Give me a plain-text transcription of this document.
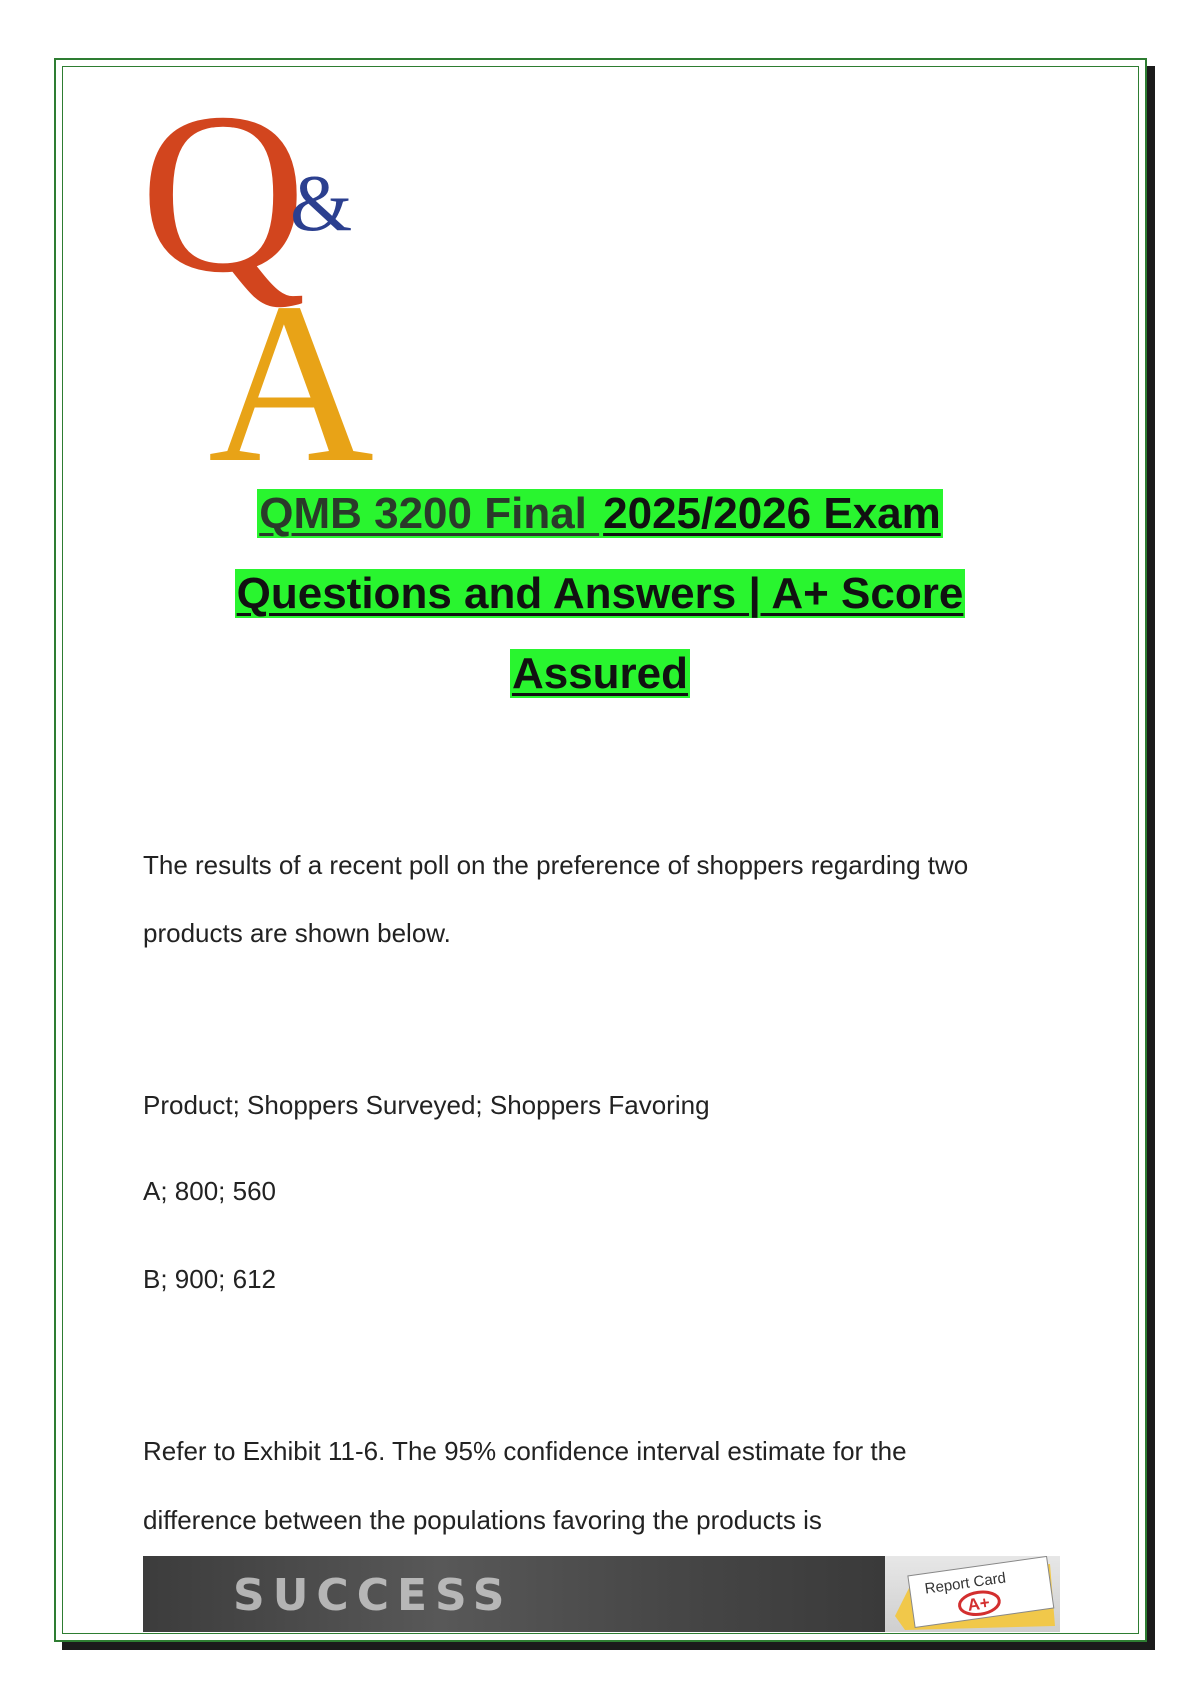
Q
&
A
QMB 3200 Final 2025/2026 Exam
Questions and Answers | A+ Score
Assured

The results of a recent poll on the preference of shoppers regarding two

products are shown below.

Product; Shoppers Surveyed; Shoppers Favoring

A; 800; 560

B; 900; 612

Refer to Exhibit 11-6. The 95% confidence interval estimate for the

difference between the populations favoring the products is

SUCCESS	Report Card
A+
